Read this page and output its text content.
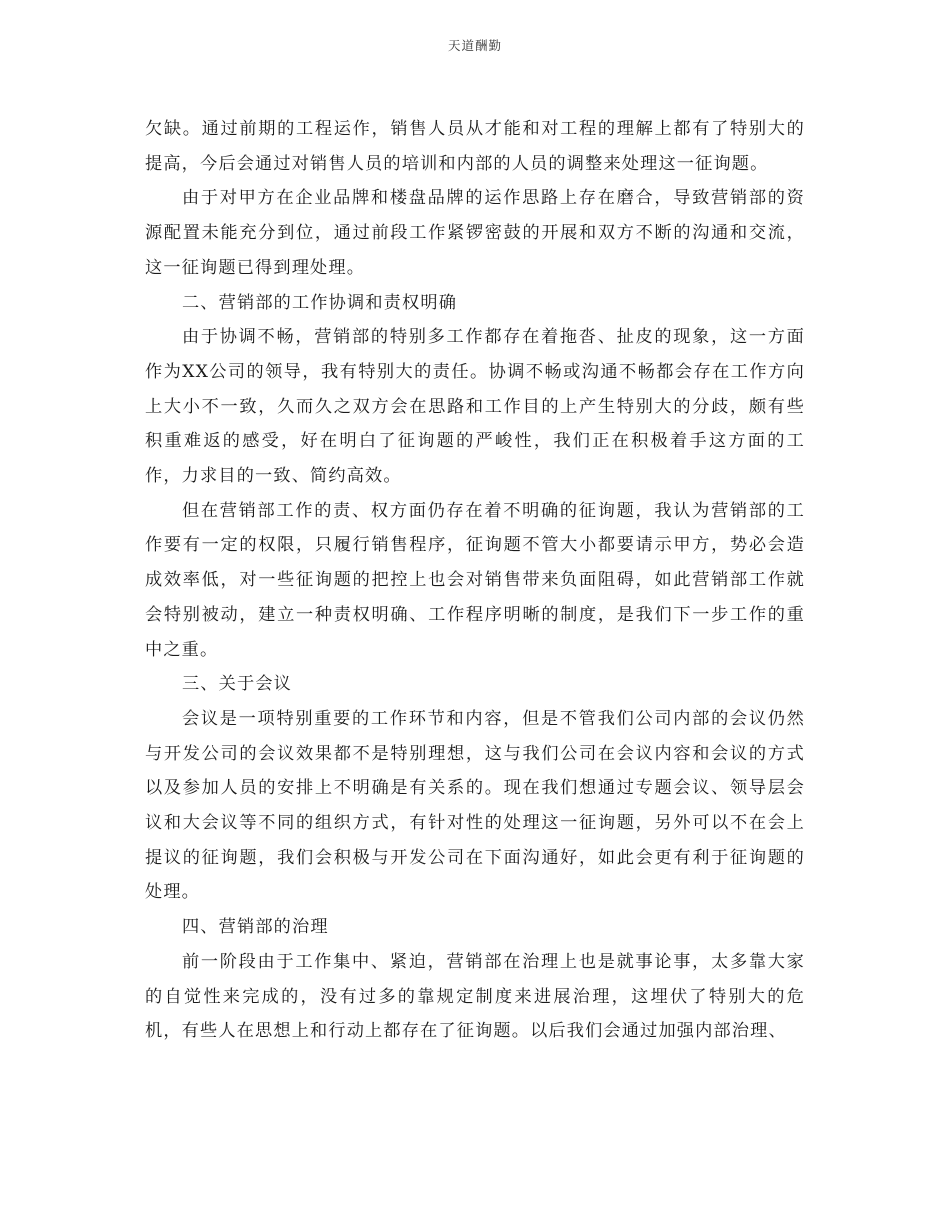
天道酬勤

欠缺。通过前期的工程运作，销售人员从才能和对工程的理解上都有了特别大的提高，今后会通过对销售人员的培训和内部的人员的调整来处理这一征询题。

由于对甲方在企业品牌和楼盘品牌的运作思路上存在磨合，导致营销部的资源配置未能充分到位，通过前段工作紧锣密鼓的开展和双方不断的沟通和交流，这一征询题已得到理处理。

二、营销部的工作协调和责权明确

由于协调不畅，营销部的特别多工作都存在着拖沓、扯皮的现象，这一方面作为XX公司的领导，我有特别大的责任。协调不畅或沟通不畅都会存在工作方向上大小不一致，久而久之双方会在思路和工作目的上产生特别大的分歧，颇有些积重难返的感受，好在明白了征询题的严峻性，我们正在积极着手这方面的工作，力求目的一致、简约高效。

但在营销部工作的责、权方面仍存在着不明确的征询题，我认为营销部的工作要有一定的权限，只履行销售程序，征询题不管大小都要请示甲方，势必会造成效率低，对一些征询题的把控上也会对销售带来负面阻碍，如此营销部工作就会特别被动，建立一种责权明确、工作程序明晰的制度，是我们下一步工作的重中之重。

三、关于会议

会议是一项特别重要的工作环节和内容，但是不管我们公司内部的会议仍然与开发公司的会议效果都不是特别理想，这与我们公司在会议内容和会议的方式以及参加人员的安排上不明确是有关系的。现在我们想通过专题会议、领导层会议和大会议等不同的组织方式，有针对性的处理这一征询题，另外可以不在会上提议的征询题，我们会积极与开发公司在下面沟通好，如此会更有利于征询题的处理。

四、营销部的治理

前一阶段由于工作集中、紧迫，营销部在治理上也是就事论事，太多靠大家的自觉性来完成的，没有过多的靠规定制度来进展治理，这埋伏了特别大的危机，有些人在思想上和行动上都存在了征询题。以后我们会通过加强内部治理、
